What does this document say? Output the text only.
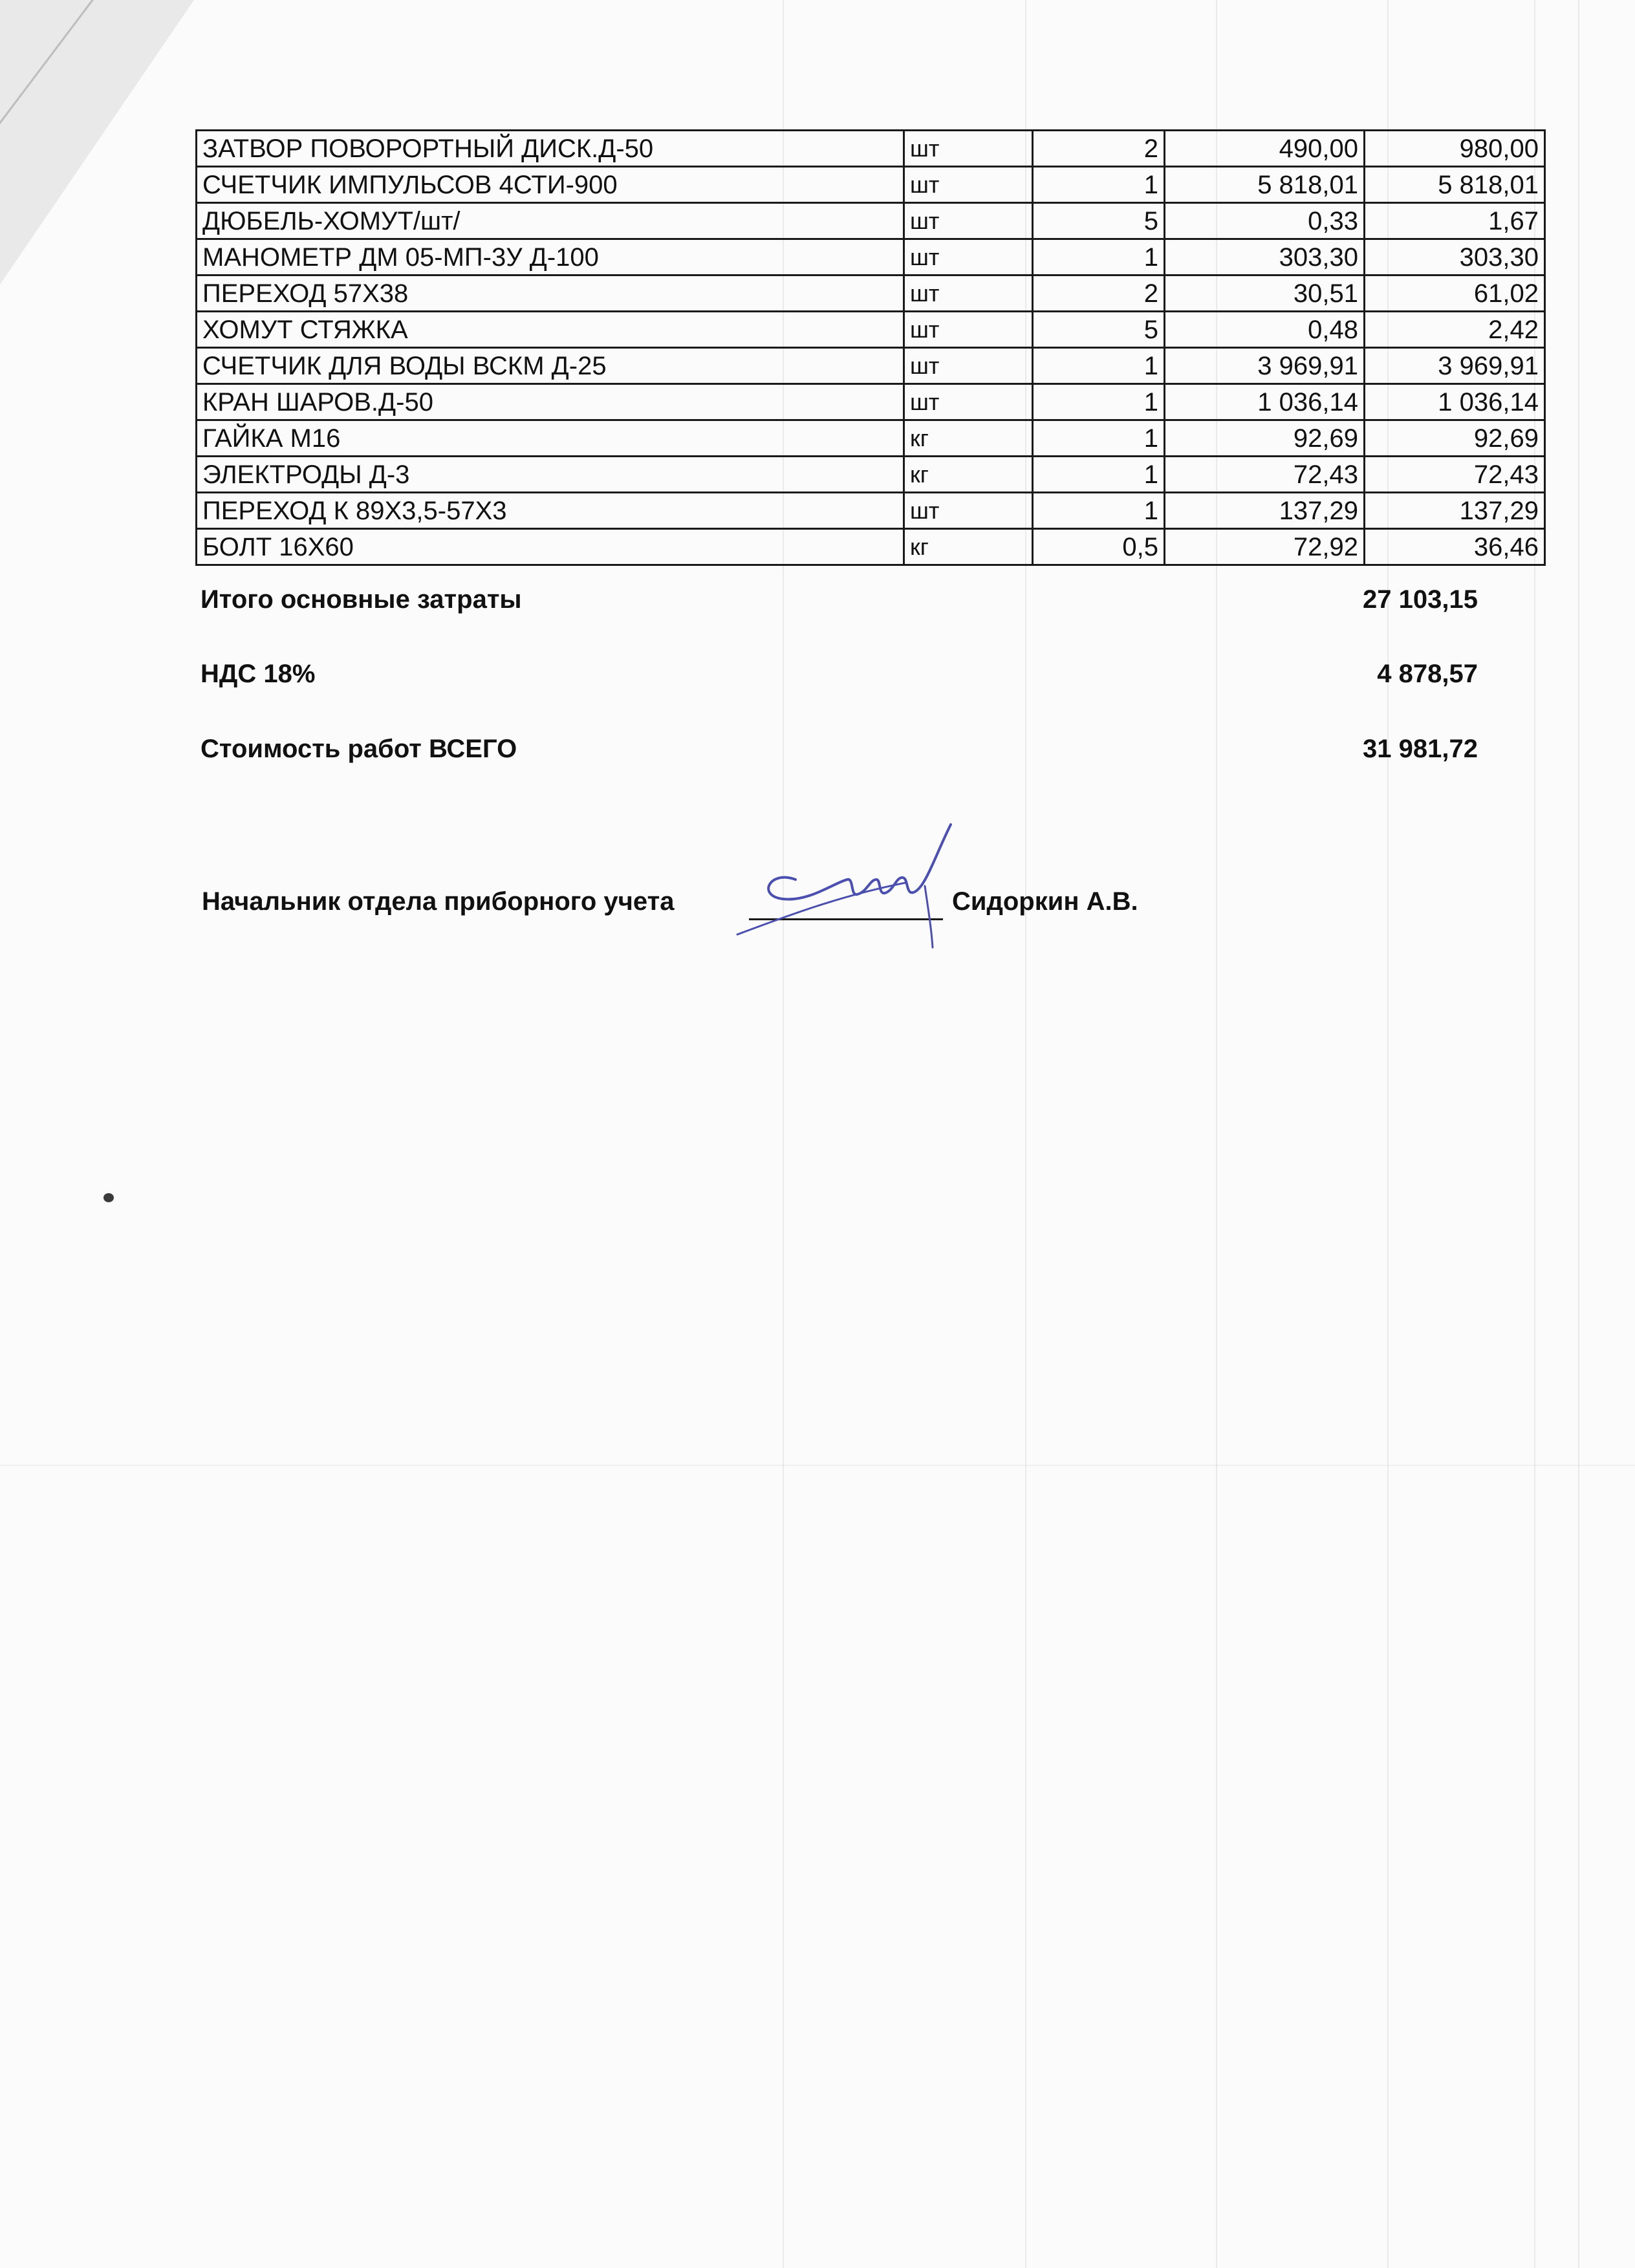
ЗАТВОР ПОВОРОРТНЫЙ ДИСК.Д-50	шт	2	490,00	980,00
СЧЕТЧИК ИМПУЛЬСОВ 4СТИ-900	шт	1	5 818,01	5 818,01
ДЮБЕЛЬ-ХОМУТ/шт/	шт	5	0,33	1,67
МАНОМЕТР ДМ 05-МП-3У Д-100	шт	1	303,30	303,30
ПЕРЕХОД 57Х38	шт	2	30,51	61,02
ХОМУТ СТЯЖКА	шт	5	0,48	2,42
СЧЕТЧИК ДЛЯ ВОДЫ ВСКМ Д-25	шт	1	3 969,91	3 969,91
КРАН ШАРОВ.Д-50	шт	1	1 036,14	1 036,14
ГАЙКА М16	кг	1	92,69	92,69
ЭЛЕКТРОДЫ Д-3	кг	1	72,43	72,43
ПЕРЕХОД К 89Х3,5-57Х3	шт	1	137,29	137,29
БОЛТ 16Х60	кг	0,5	72,92	36,46
Итого основные затраты	27 103,15
НДС 18%	4 878,57
Стоимость работ ВСЕГО	31 981,72
Начальник отдела приборного учета	Сидоркин А.В.
